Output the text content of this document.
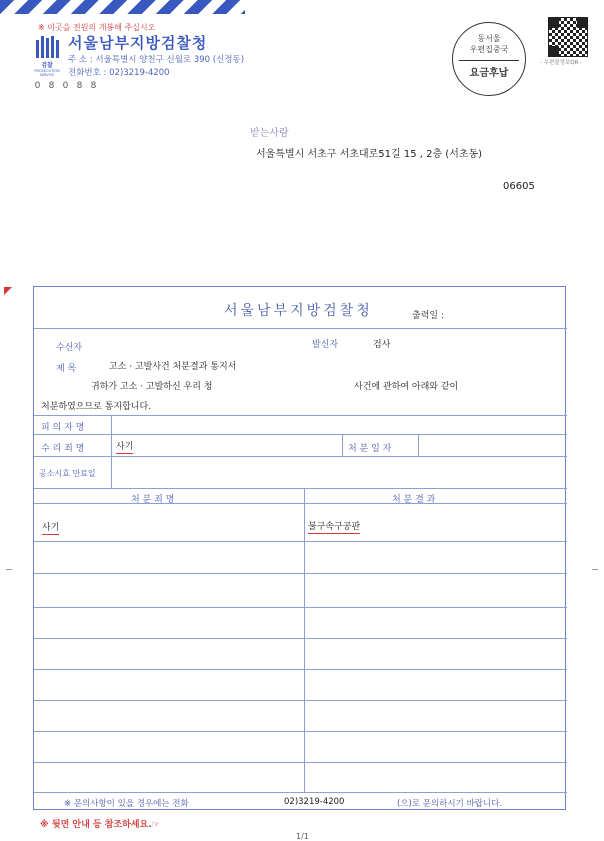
※ 이곳을 전원의 개봉해 주십시오
검찰
PROSECUTION SERVICE
서울남부지방검찰청
주 소 : 서울특별시 양천구 신월로 390 (신정동)
전화번호 : 02)3219-4200
0 8 0 8 8
동서울
우편집중국
요금후납
- 우편물정보QR -
받는사람
서울특별시 서초구 서초대로51길 15 , 2층 (서초동)
06605
서울남부지방검찰청	출력일 :
수신자	발신자	검사
제 목	고소 · 고발사건 처분결과 통지서
귀하가 고소 · 고발하신 우리 청	사건에 관하여 아래와 같이
처분하였으므로 통지합니다.
피 의 자 명
수 리 죄 명	사기	처 분 일 자
공소시효 만료일
처 분 죄 명	처 분 결 과
사기	불구속구공판
※ 문의사항이 있을 경우에는 전화	02)3219-4200	(으)로 문의하시기 바랍니다.
※ 뒷면 안내 등 참조하세요.☞
1/1
